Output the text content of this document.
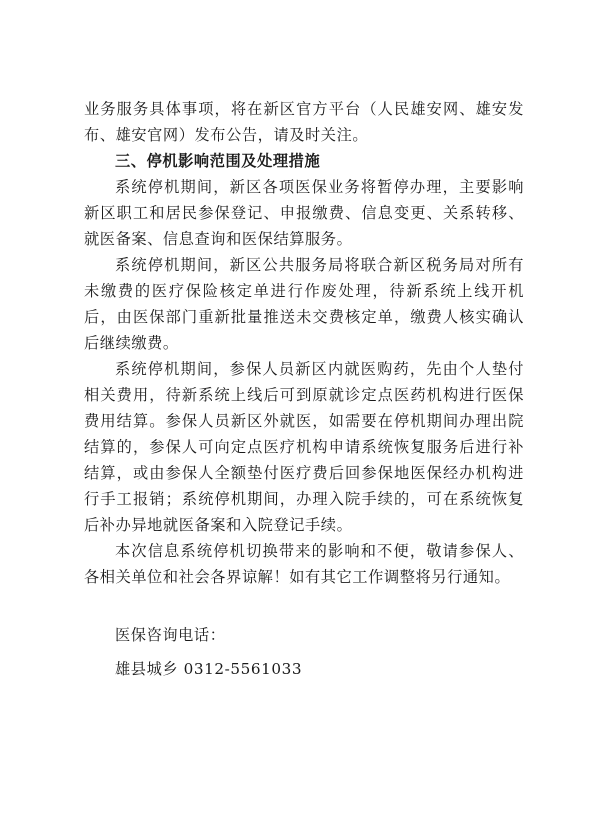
业务服务具体事项，将在新区官方平台（人民雄安网、雄安发布、雄安官网）发布公告，请及时关注。

三、停机影响范围及处理措施

系统停机期间，新区各项医保业务将暂停办理，主要影响新区职工和居民参保登记、申报缴费、信息变更、关系转移、就医备案、信息查询和医保结算服务。

系统停机期间，新区公共服务局将联合新区税务局对所有未缴费的医疗保险核定单进行作废处理，待新系统上线开机后，由医保部门重新批量推送未交费核定单，缴费人核实确认后继续缴费。

系统停机期间，参保人员新区内就医购药，先由个人垫付相关费用，待新系统上线后可到原就诊定点医药机构进行医保费用结算。参保人员新区外就医，如需要在停机期间办理出院结算的，参保人可向定点医疗机构申请系统恢复服务后进行补结算，或由参保人全额垫付医疗费后回参保地医保经办机构进行手工报销；系统停机期间，办理入院手续的，可在系统恢复后补办异地就医备案和入院登记手续。

本次信息系统停机切换带来的影响和不便，敬请参保人、各相关单位和社会各界谅解！如有其它工作调整将另行通知。

医保咨询电话：

雄县城乡 0312-5561033
